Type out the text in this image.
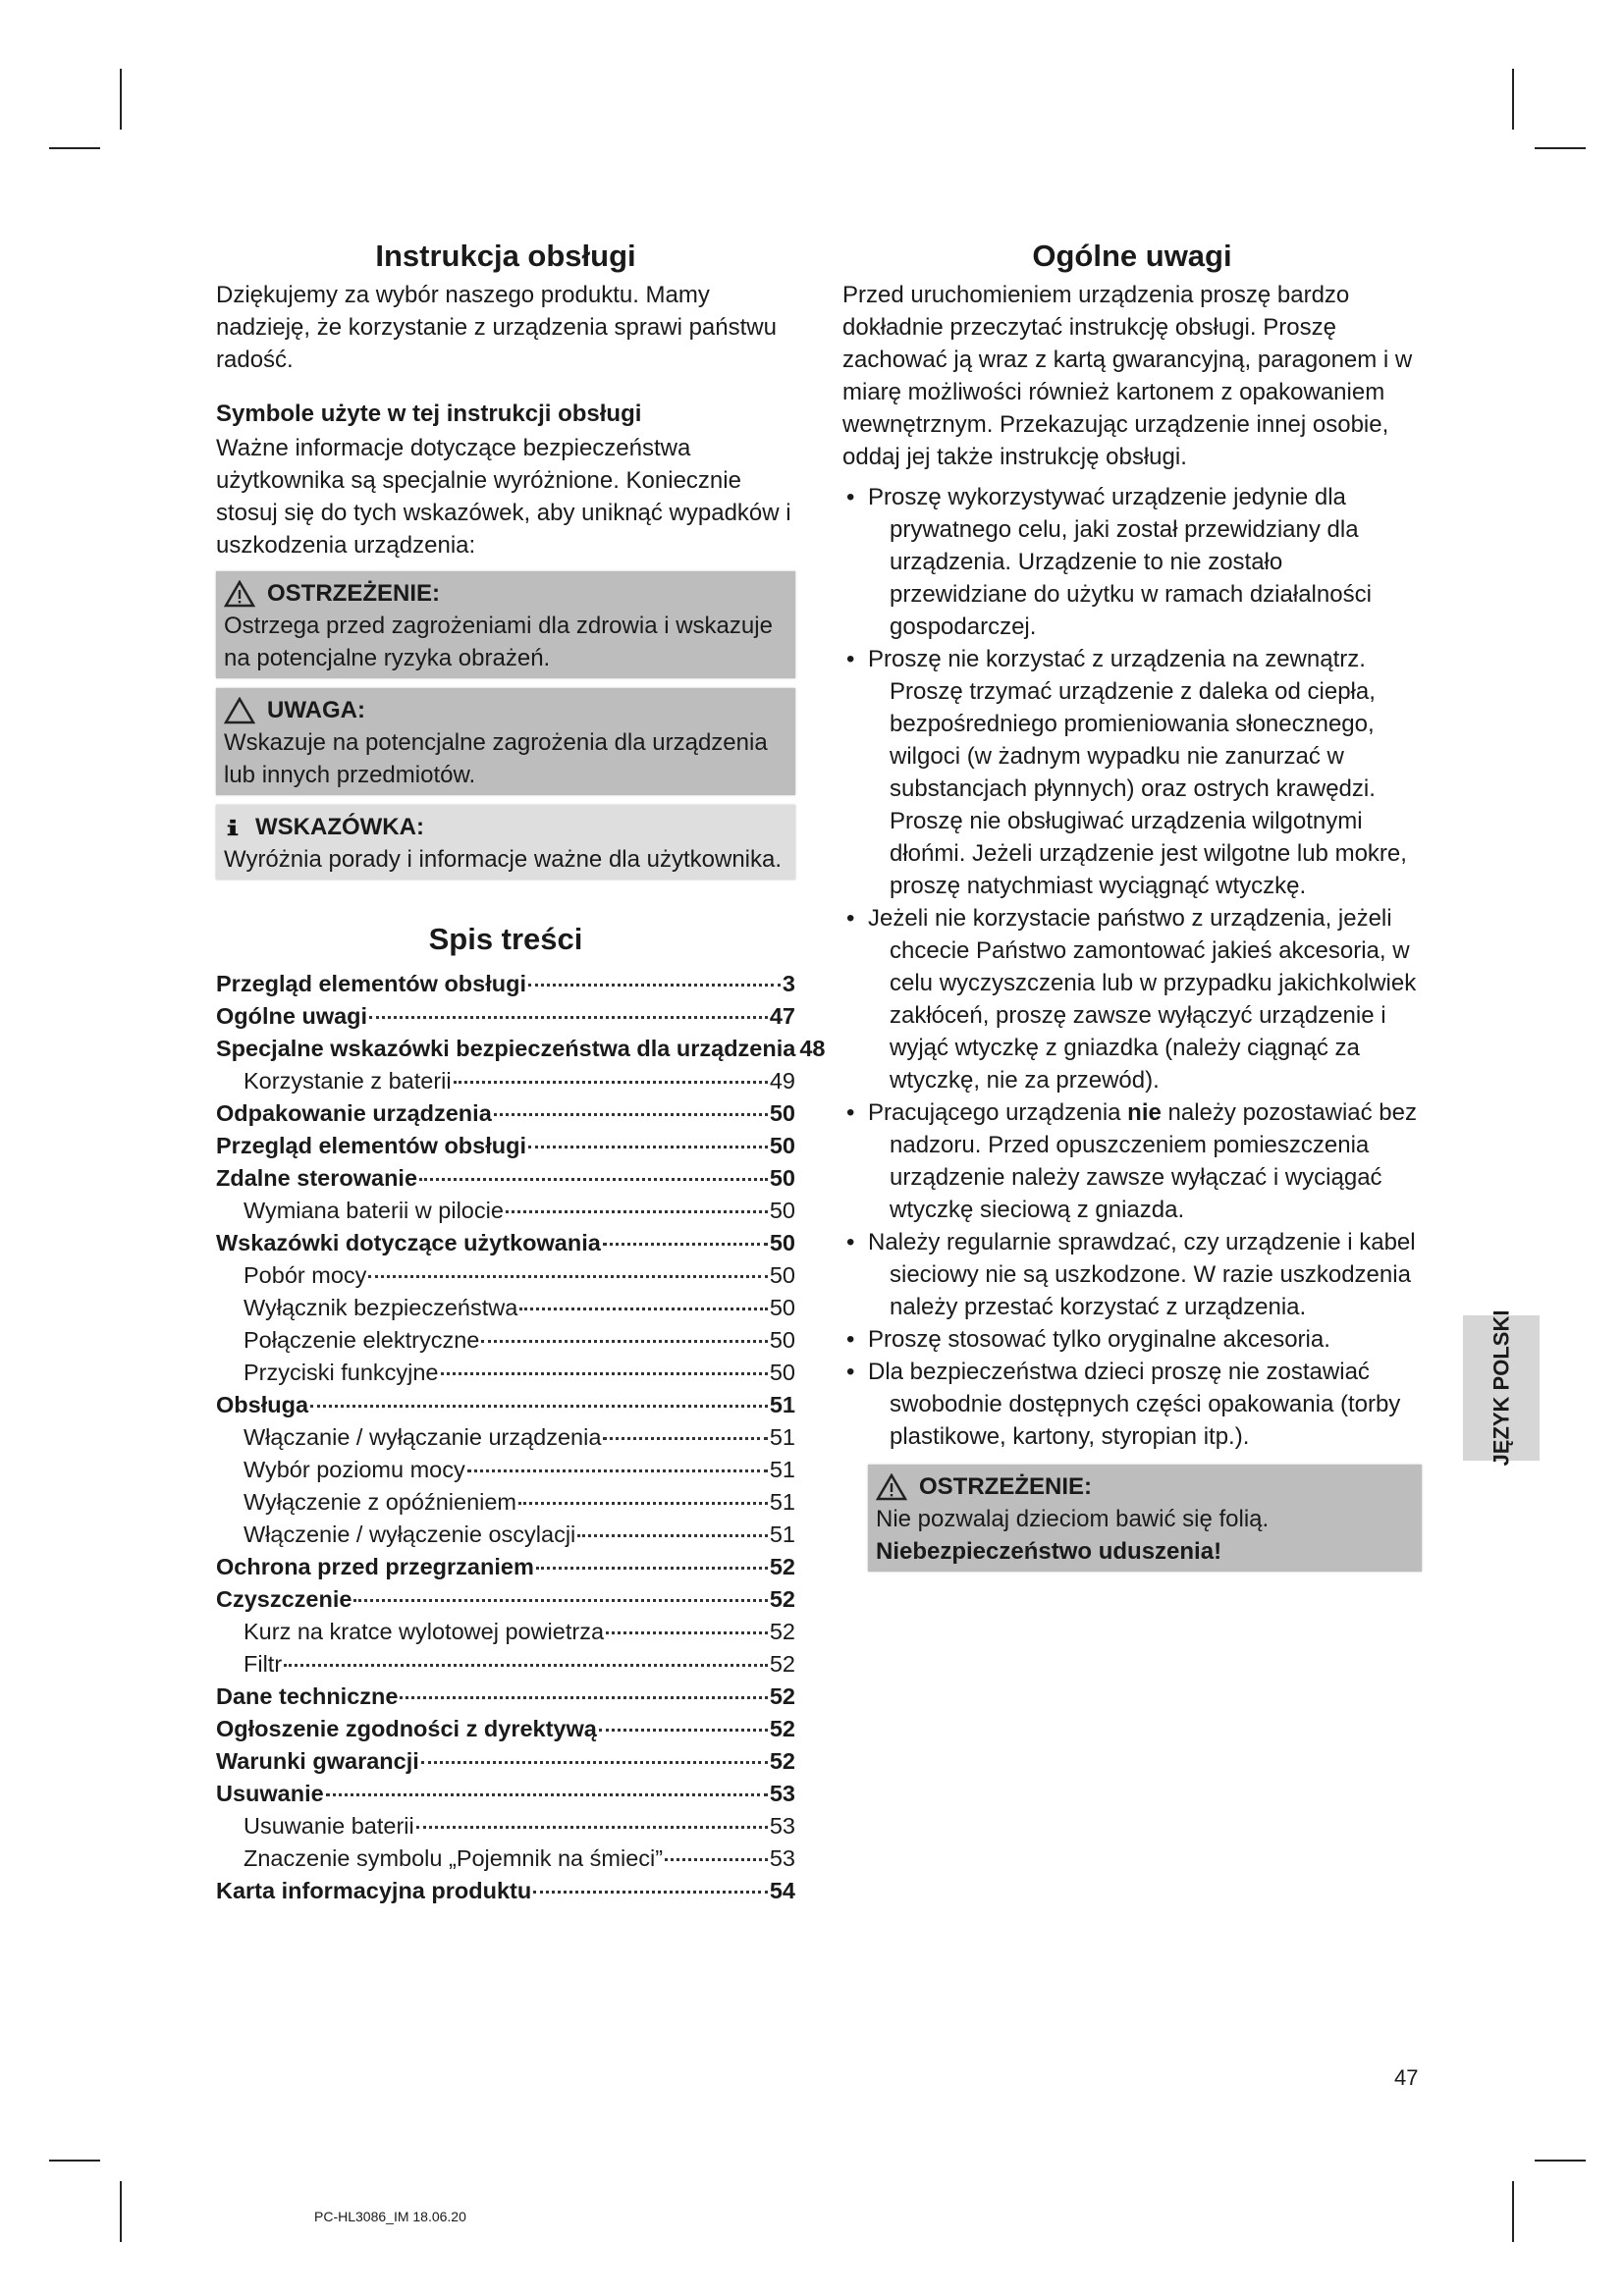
Instrukcja obsługi

Dziękujemy za wybór naszego produktu. Mamy nadzieję, że korzystanie z urządzenia sprawi państwu radość.

Symbole użyte w tej instrukcji obsługi

Ważne informacje dotyczące bezpieczeństwa użytkownika są specjalnie wyróżnione. Koniecznie stosuj się do tych wskazówek, aby uniknąć wypadków i uszkodzenia urządzenia:

OSTRZEŻENIE:

Ostrzega przed zagrożeniami dla zdrowia i wskazuje na potencjalne ryzyka obrażeń.

UWAGA:

Wskazuje na potencjalne zagrożenia dla urządzenia lub innych przedmiotów.

WSKAZÓWKA:

Wyróżnia porady i informacje ważne dla użytkownika.

Spis treści
Przegląd elementów obsługi	3
Ogólne uwagi	47
Specjalne wskazówki bezpieczeństwa dla urządzenia 48
Korzystanie z baterii	49
Odpakowanie urządzenia	50
Przegląd elementów obsługi	50
Zdalne sterowanie	50
Wymiana baterii w pilocie	50
Wskazówki dotyczące użytkowania	50
Pobór mocy	50
Wyłącznik bezpieczeństwa	50
Połączenie elektryczne	50
Przyciski funkcyjne	50
Obsługa	51
Włączanie / wyłączanie urządzenia	51
Wybór poziomu mocy	51
Wyłączenie z opóźnieniem	51
Włączenie / wyłączenie oscylacji	51
Ochrona przed przegrzaniem	52
Czyszczenie	52
Kurz na kratce wylotowej powietrza	52
Filtr	52
Dane techniczne	52
Ogłoszenie zgodności z dyrektywą	52
Warunki gwarancji	52
Usuwanie	53
Usuwanie baterii	53
Znaczenie symbolu „Pojemnik na śmieci”	53
Karta informacyjna produktu	54
Ogólne uwagi

Przed uruchomieniem urządzenia proszę bardzo dokładnie przeczytać instrukcję obsługi. Proszę zachować ją wraz z kartą gwarancyjną, paragonem i w miarę możliwości również kartonem z opakowaniem wewnętrznym. Przekazując urządzenie innej osobie, oddaj jej także instrukcję obsługi.

• Proszę wykorzystywać urządzenie jedynie dla prywatnego celu, jaki został przewidziany dla urządzenia. Urządzenie to nie zostało przewidziane do użytku w ramach działalności gospodarczej.
• Proszę nie korzystać z urządzenia na zewnątrz. Proszę trzymać urządzenie z daleka od ciepła, bezpośredniego promieniowania słonecznego, wilgoci (w żadnym wypadku nie zanurzać w substancjach płynnych) oraz ostrych krawędzi. Proszę nie obsługiwać urządzenia wilgotnymi dłońmi. Jeżeli urządzenie jest wilgotne lub mokre, proszę natychmiast wyciągnąć wtyczkę.
• Jeżeli nie korzystacie państwo z urządzenia, jeżeli chcecie Państwo zamontować jakieś akcesoria, w celu wyczyszczenia lub w przypadku jakichkolwiek zakłóceń, proszę zawsze wyłączyć urządzenie i wyjąć wtyczkę z gniazdka (należy ciągnąć za wtyczkę, nie za przewód).
• Pracującego urządzenia nie należy pozostawiać bez nadzoru. Przed opuszczeniem pomieszczenia urządzenie należy zawsze wyłączać i wyciągać wtyczkę sieciową z gniazda.
• Należy regularnie sprawdzać, czy urządzenie i kabel sieciowy nie są uszkodzone. W razie uszkodzenia należy przestać korzystać z urządzenia.
• Proszę stosować tylko oryginalne akcesoria.
• Dla bezpieczeństwa dzieci proszę nie zostawiać swobodnie dostępnych części opakowania (torby plastikowe, kartony, styropian itp.).
OSTRZEŻENIE:

Nie pozwalaj dzieciom bawić się folią. Niebezpieczeństwo uduszenia!

JĘZYK POLSKI
47
PC-HL3086_IM 18.06.20
